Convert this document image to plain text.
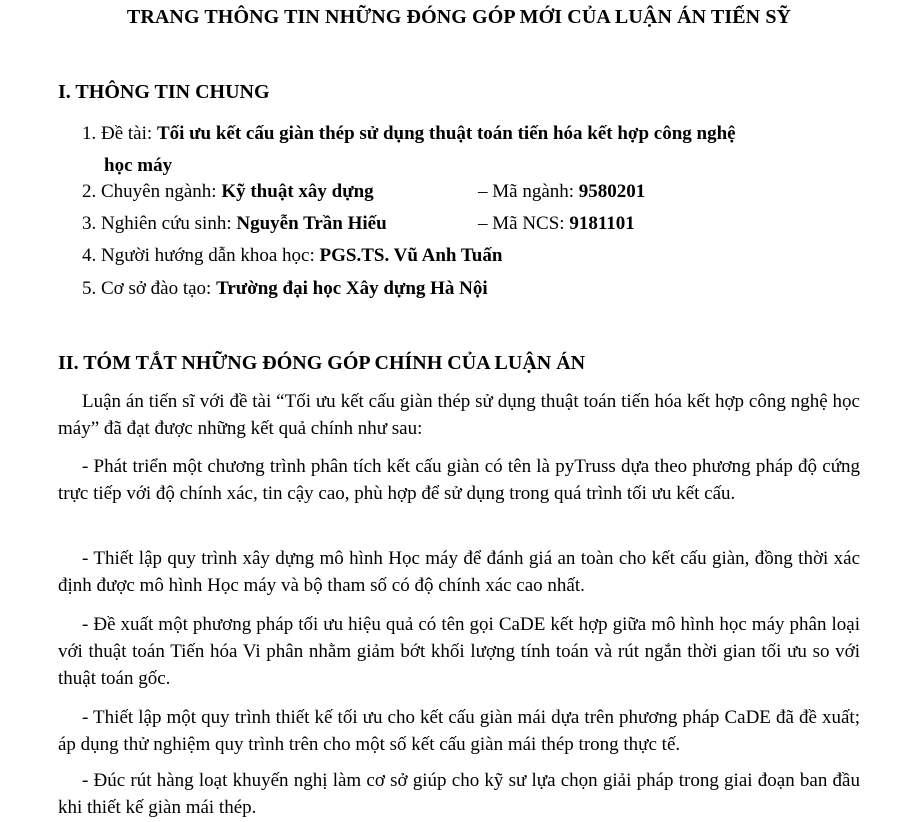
TRANG THÔNG TIN NHỮNG ĐÓNG GÓP MỚI CỦA LUẬN ÁN TIẾN SỸ
I. THÔNG TIN CHUNG
1. Đề tài: Tối ưu kết cấu giàn thép sử dụng thuật toán tiến hóa kết hợp công nghệ
học máy
2. Chuyên ngành: Kỹ thuật xây dựng	– Mã ngành: 9580201
3. Nghiên cứu sinh: Nguyễn Trần Hiếu	– Mã NCS: 9181101
4. Người hướng dẫn khoa học: PGS.TS. Vũ Anh Tuấn
5. Cơ sở đào tạo: Trường đại học Xây dựng Hà Nội
II. TÓM TẮT NHỮNG ĐÓNG GÓP CHÍNH CỦA LUẬN ÁN
Luận án tiến sĩ với đề tài “Tối ưu kết cấu giàn thép sử dụng thuật toán tiến hóa kết hợp công nghệ học máy” đã đạt được những kết quả chính như sau:
- Phát triển một chương trình phân tích kết cấu giàn có tên là pyTruss dựa theo phương pháp độ cứng trực tiếp với độ chính xác, tin cậy cao, phù hợp để sử dụng trong quá trình tối ưu kết cấu.
- Thiết lập quy trình xây dựng mô hình Học máy để đánh giá an toàn cho kết cấu giàn, đồng thời xác định được mô hình Học máy và bộ tham số có độ chính xác cao nhất.
- Đề xuất một phương pháp tối ưu hiệu quả có tên gọi CaDE kết hợp giữa mô hình học máy phân loại với thuật toán Tiến hóa Vi phân nhằm giảm bớt khối lượng tính toán và rút ngắn thời gian tối ưu so với thuật toán gốc.
- Thiết lập một quy trình thiết kế tối ưu cho kết cấu giàn mái dựa trên phương pháp CaDE đã đề xuất; áp dụng thử nghiệm quy trình trên cho một số kết cấu giàn mái thép trong thực tế.
- Đúc rút hàng loạt khuyến nghị làm cơ sở giúp cho kỹ sư lựa chọn giải pháp trong giai đoạn ban đầu khi thiết kế giàn mái thép.
